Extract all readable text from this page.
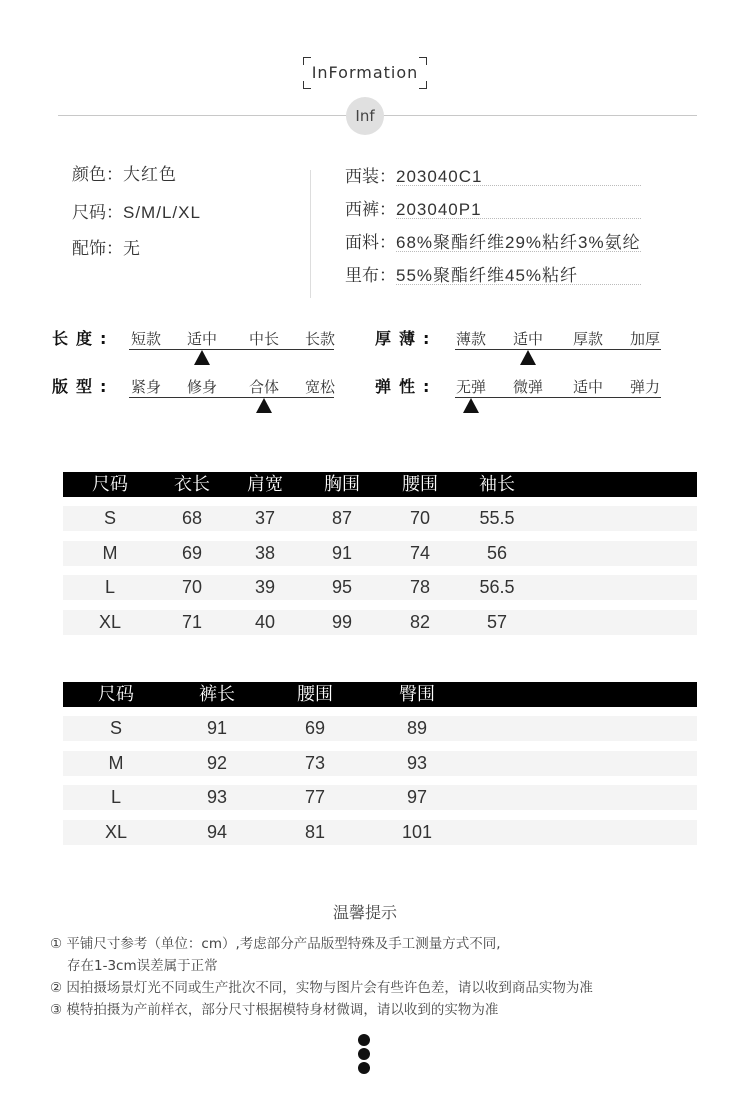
InFormation
Inf
颜色：大红色
尺码：S/M/L/XL
配饰：无
西装：203040C1
西裤：203040P1
面料：68%聚酯纤维29%粘纤3%氨纶
里布：55%聚酯纤维45%粘纤
长度: 短款 适中 中长 长款
版型: 紧身 修身 合体 宽松
厚薄: 薄款 适中 厚款 加厚
弹性: 无弹 微弹 适中 弹力
尺码	衣长 肩宽 胸围 腰围 袖长
S	68	37	87	70	55.5
M	69	38	91	74	56
L	70	39	95	78	56.5
XL	71	40	99	82	57
尺码	裤长	腰围	臀围
S	91	69	89
M	92	73	93
L	93	77	97
XL	94	81	101
温馨提示
① 平铺尺寸参考（单位：cm）,考虑部分产品版型特殊及手工测量方式不同,
存在1-3cm误差属于正常
② 因拍摄场景灯光不同或生产批次不同，实物与图片会有些许色差，请以收到商品实物为准
③ 模特拍摄为产前样衣，部分尺寸根据模特身材微调，请以收到的实物为准
